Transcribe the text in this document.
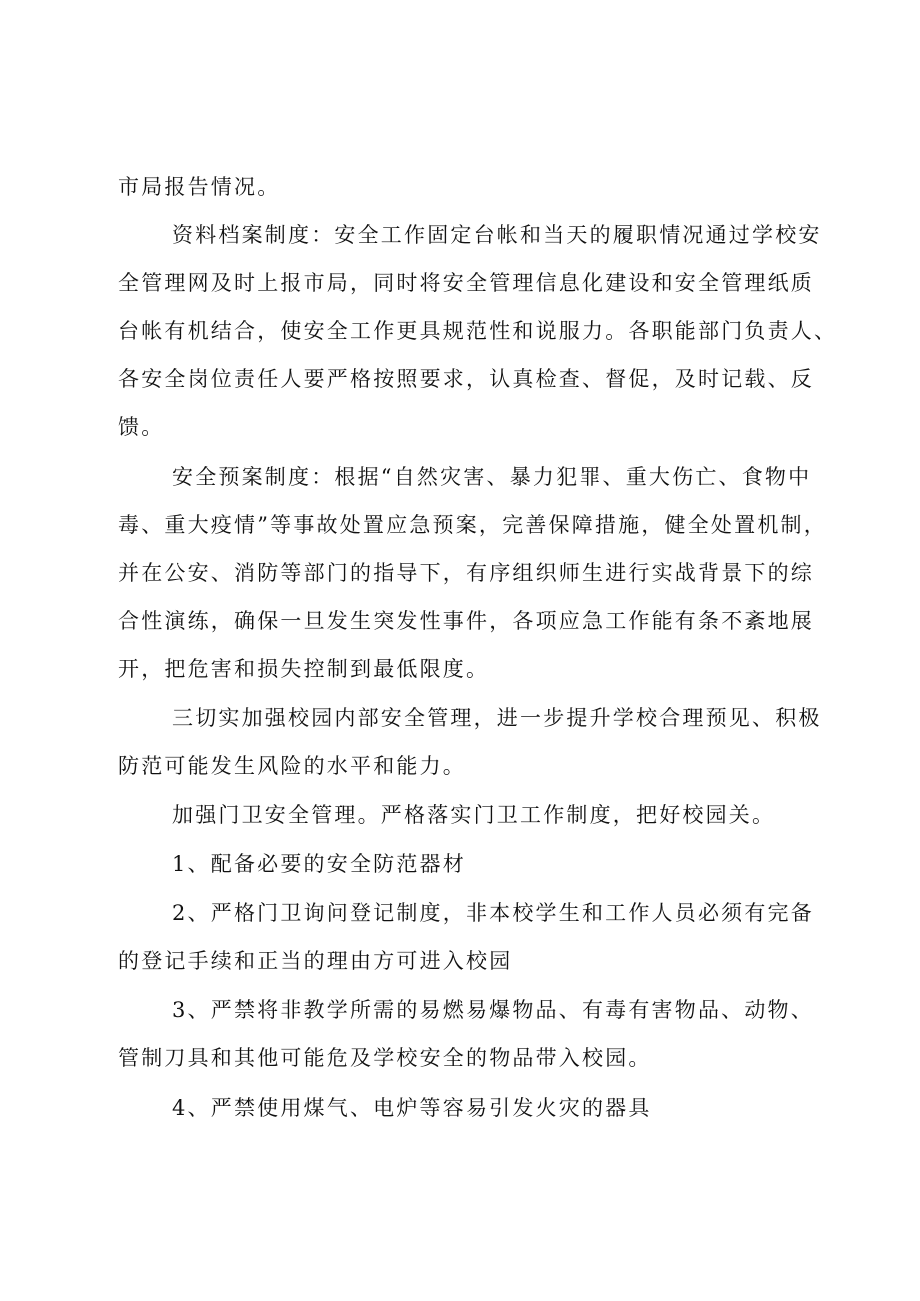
市局报告情况。
资料档案制度：安全工作固定台帐和当天的履职情况通过学校安
全管理网及时上报市局，同时将安全管理信息化建设和安全管理纸质
台帐有机结合，使安全工作更具规范性和说服力。各职能部门负责人、
各安全岗位责任人要严格按照要求，认真检查、督促，及时记载、反
馈。
安全预案制度：根据“自然灾害、暴力犯罪、重大伤亡、食物中
毒、重大疫情”等事故处置应急预案，完善保障措施，健全处置机制，
并在公安、消防等部门的指导下，有序组织师生进行实战背景下的综
合性演练，确保一旦发生突发性事件，各项应急工作能有条不紊地展
开，把危害和损失控制到最低限度。
三切实加强校园内部安全管理，进一步提升学校合理预见、积极
防范可能发生风险的水平和能力。
加强门卫安全管理。严格落实门卫工作制度，把好校园关。
1、配备必要的安全防范器材
2、严格门卫询问登记制度，非本校学生和工作人员必须有完备
的登记手续和正当的理由方可进入校园
3、严禁将非教学所需的易燃易爆物品、有毒有害物品、动物、
管制刀具和其他可能危及学校安全的物品带入校园。
4、严禁使用煤气、电炉等容易引发火灾的器具
